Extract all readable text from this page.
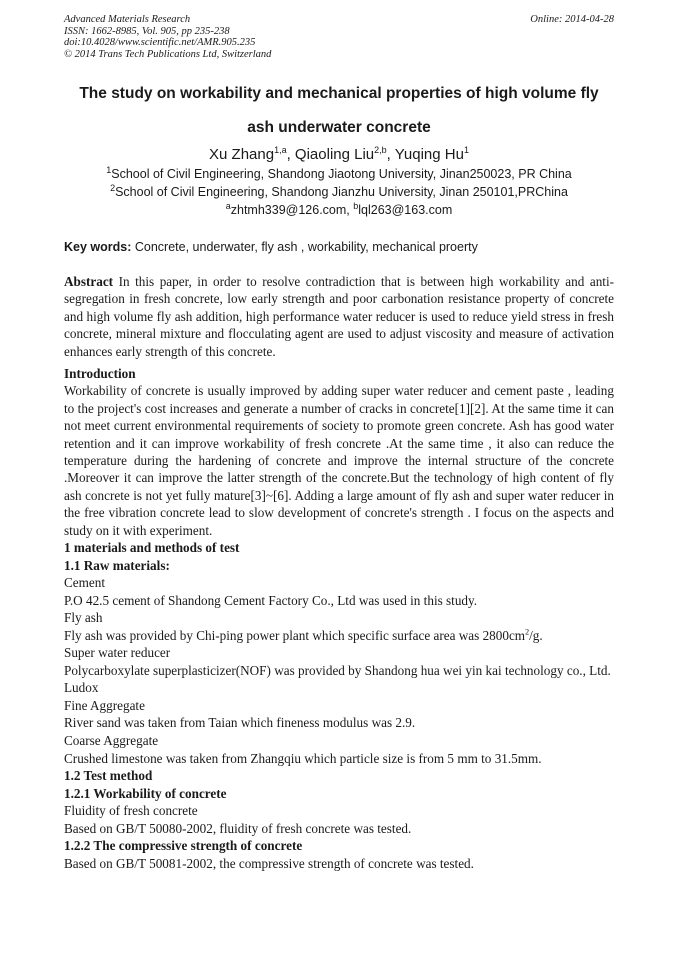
Advanced Materials Research
ISSN: 1662-8985, Vol. 905, pp 235-238
doi:10.4028/www.scientific.net/AMR.905.235
© 2014 Trans Tech Publications Ltd, Switzerland
Online: 2014-04-28
The study on workability and mechanical properties of high volume fly
ash underwater concrete
Xu Zhang$^{1,a}$, Qiaoling Liu$^{2,b}$, Yuqing Hu$^1$
$^1$School of Civil Engineering, Shandong Jiaotong University, Jinan250023, PR China
$^2$School of Civil Engineering, Shandong Jianzhu University, Jinan 250101,PRChina
$^a$zhtmh339@126.com, $^b$lql263@163.com
Key words: Concrete, underwater, fly ash , workability, mechanical proerty

Abstract In this paper, in order to resolve contradiction that is between high workability and anti-segregation in fresh concrete, low early strength and poor carbonation resistance property of concrete and high volume fly ash addition, high performance water reducer is used to reduce yield stress in fresh concrete, mineral mixture and flocculating agent are used to adjust viscosity and measure of activation enhances early strength of this concrete.

Introduction

Workability of concrete is usually improved by adding super water reducer and cement paste , leading to the project's cost increases and generate a number of cracks in concrete[1][2]. At the same time it can not meet current environmental requirements of society to promote green concrete. Ash has good water retention and it can improve workability of fresh concrete .At the same time , it also can reduce the temperature during the hardening of concrete and improve the internal structure of the concrete .Moreover it can improve the latter strength of the concrete.But the technology of high content of fly ash concrete is not yet fully mature[3]~[6]. Adding a large amount of fly ash and super water reducer in the free vibration concrete lead to slow development of concrete's strength . I focus on the aspects and study on it with experiment.

1 materials and methods of test
1.1 Raw materials:
Cement
P.O 42.5 cement of Shandong Cement Factory Co., Ltd was used in this study.
Fly ash
Fly ash was provided by Chi-ping power plant which specific surface area was $2800cm^2/g$.
Super water reducer

Polycarboxylate superplasticizer(NOF) was provided by Shandong hua wei yin kai technology co., Ltd.

Ludox
Fine Aggregate
River sand was taken from Taian which fineness modulus was 2.9.
Coarse Aggregate
Crushed limestone was taken from Zhangqiu which particle size is from 5 mm to 31.5mm.
1.2 Test method
1.2.1 Workability of concrete
Fluidity of fresh concrete
Based on GB/T 50080-2002, fluidity of fresh concrete was tested.
1.2.2 The compressive strength of concrete
Based on GB/T 50081-2002, the compressive strength of concrete was tested.
